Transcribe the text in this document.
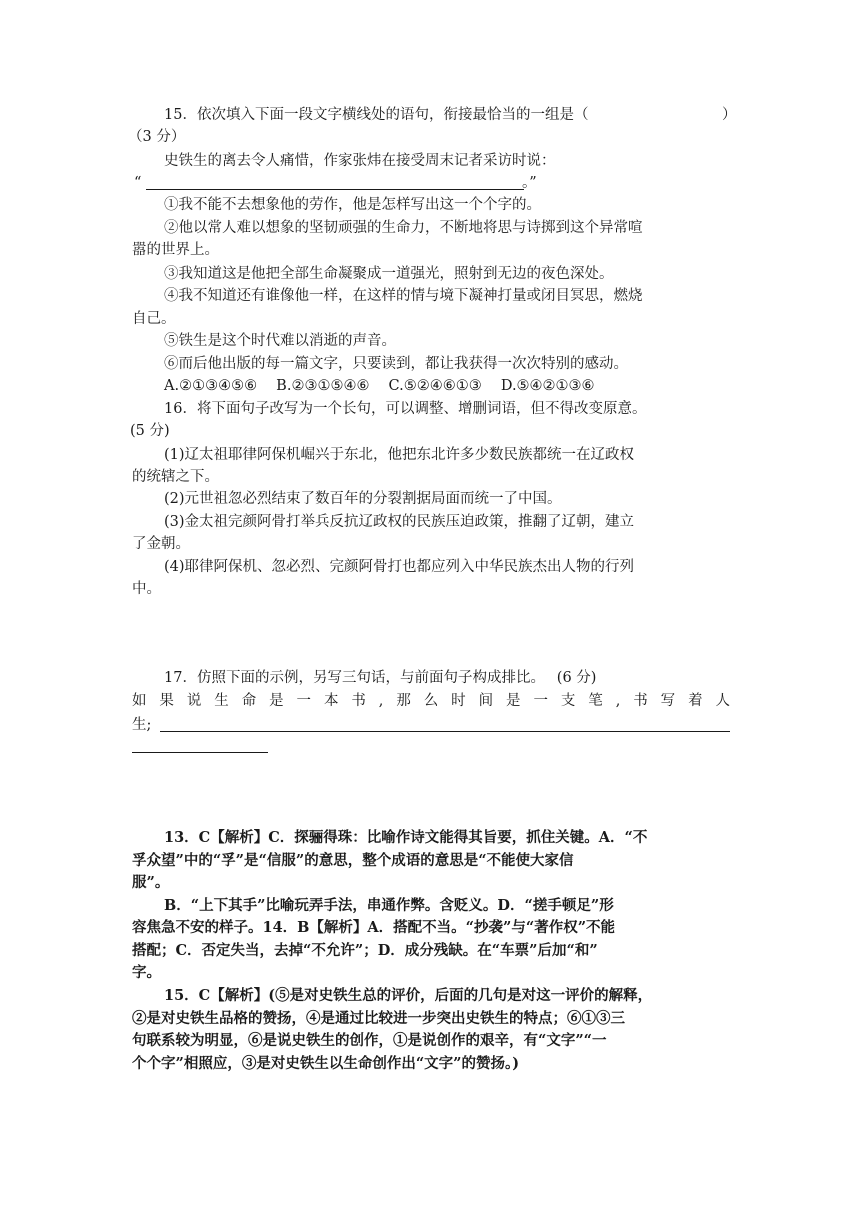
15．依次填入下面一段文字横线处的语句，衔接最恰当的一组是（	）
（3 分）
史铁生的离去令人痛惜，作家张炜在接受周末记者采访时说：
“	。”
①我不能不去想象他的劳作，他是怎样写出这一个个字的。
②他以常人难以想象的坚韧顽强的生命力，不断地将思与诗掷到这个异常喧
嚣的世界上。
③我知道这是他把全部生命凝聚成一道强光，照射到无边的夜色深处。
④我不知道还有谁像他一样，在这样的情与境下凝神打量或闭目冥思，燃烧
自己。
⑤铁生是这个时代难以消逝的声音。
⑥而后他出版的每一篇文字，只要读到，都让我获得一次次特别的感动。
A.②①③④⑤⑥　 B.②③①⑤④⑥　 C.⑤②④⑥①③　 D.⑤④②①③⑥
16．将下面句子改写为一个长句，可以调整、增删词语，但不得改变原意。
(5 分)
(1)辽太祖耶律阿保机崛兴于东北，他把东北许多少数民族都统一在辽政权
的统辖之下。
(2)元世祖忽必烈结束了数百年的分裂割据局面而统一了中国。
(3)金太祖完颜阿骨打举兵反抗辽政权的民族压迫政策，推翻了辽朝，建立
了金朝。
(4)耶律阿保机、忽必烈、完颜阿骨打也都应列入中华民族杰出人物的行列
中。
17．仿照下面的示例，另写三句话，与前面句子构成排比。　 (6 分)
如 果 说 生 命 是 一 本 书 , 那 么 时 间 是 一 支 笔 , 书 写 着 人
生;
13．C【解析】C．探骊得珠：比喻作诗文能得其旨要，抓住关键。A．“不
孚众望”中的“孚”是“信服”的意思，整个成语的意思是“不能使大家信
服”。
B．“上下其手”比喻玩弄手法，串通作弊。含贬义。D．“搓手顿足”形
容焦急不安的样子。14．B【解析】A．搭配不当。“抄袭”与“著作权”不能
搭配；C．否定失当，去掉“不允许”；D．成分残缺。在“车票”后加“和”
字。
15．C【解析】(⑤是对史铁生总的评价，后面的几句是对这一评价的解释，
②是对史铁生品格的赞扬，④是通过比较进一步突出史铁生的特点；⑥①③三
句联系较为明显，⑥是说史铁生的创作，①是说创作的艰辛，有“文字”“一
个个字”相照应，③是对史铁生以生命创作出“文字”的赞扬。)
